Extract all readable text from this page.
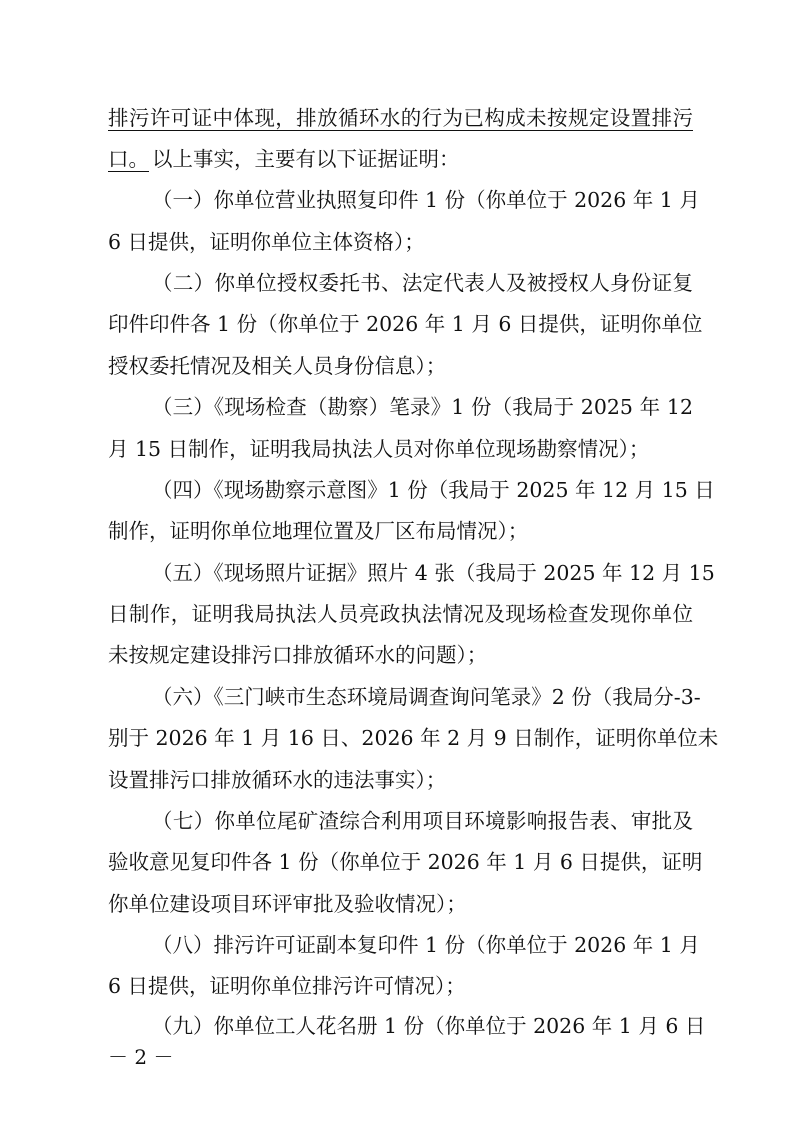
排污许可证中体现，排放循环水的行为已构成未按规定设置排污
口。 以上事实，主要有以下证据证明：
（一）你单位营业执照复印件 1 份（你单位于 2026 年 1 月
6 日提供，证明你单位主体资格）；
（二）你单位授权委托书、法定代表人及被授权人身份证复
印件印件各 1 份（你单位于 2026 年 1 月 6 日提供，证明你单位
授权委托情况及相关人员身份信息）；
（三）《现场检查（勘察）笔录》1 份（我局于 2025 年 12
月 15 日制作，证明我局执法人员对你单位现场勘察情况）；
（四）《现场勘察示意图》1 份（我局于 2025 年 12 月 15 日
制作，证明你单位地理位置及厂区布局情况）；
（五）《现场照片证据》照片 4 张（我局于 2025 年 12 月 15
日制作，证明我局执法人员亮政执法情况及现场检查发现你单位
未按规定建设排污口排放循环水的问题）；
（六）《三门峡市生态环境局调查询问笔录》2 份（我局分-3-
别于 2026 年 1 月 16 日、2026 年 2 月 9 日制作，证明你单位未
设置排污口排放循环水的违法事实）；
（七）你单位尾矿渣综合利用项目环境影响报告表、审批及
验收意见复印件各 1 份（你单位于 2026 年 1 月 6 日提供，证明
你单位建设项目环评审批及验收情况）；
（八）排污许可证副本复印件 1 份（你单位于 2026 年 1 月
6 日提供，证明你单位排污许可情况）；
（九）你单位工人花名册 1 份（你单位于 2026 年 1 月 6 日
－ 2 －
